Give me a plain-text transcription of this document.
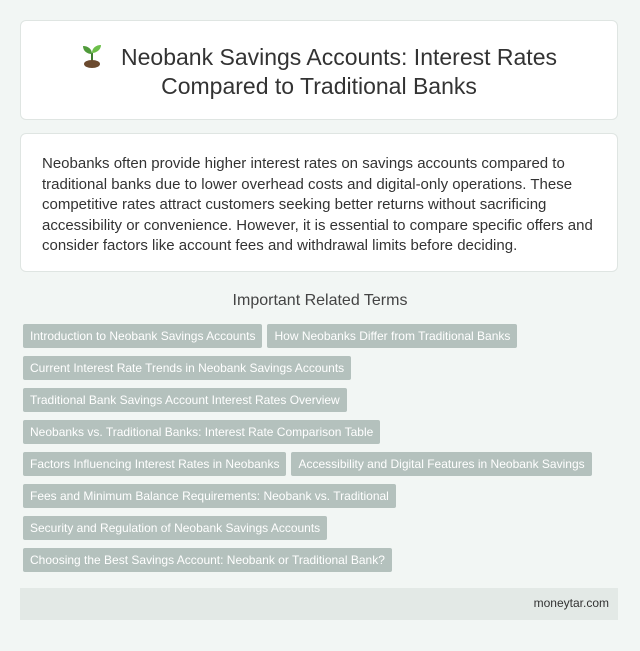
Neobank Savings Accounts: Interest Rates
Compared to Traditional Banks
Neobanks often provide higher interest rates on savings accounts compared to traditional banks due to lower overhead costs and digital-only operations. These competitive rates attract customers seeking better returns without sacrificing accessibility or convenience. However, it is essential to compare specific offers and consider factors like account fees and withdrawal limits before deciding.
Important Related Terms
Introduction to Neobank Savings Accounts How Neobanks Differ from Traditional Banks
Current Interest Rate Trends in Neobank Savings Accounts
Traditional Bank Savings Account Interest Rates Overview
Neobanks vs. Traditional Banks: Interest Rate Comparison Table
Factors Influencing Interest Rates in Neobanks Accessibility and Digital Features in Neobank Savings
Fees and Minimum Balance Requirements: Neobank vs. Traditional
Security and Regulation of Neobank Savings Accounts
Choosing the Best Savings Account: Neobank or Traditional Bank?
moneytar.com
